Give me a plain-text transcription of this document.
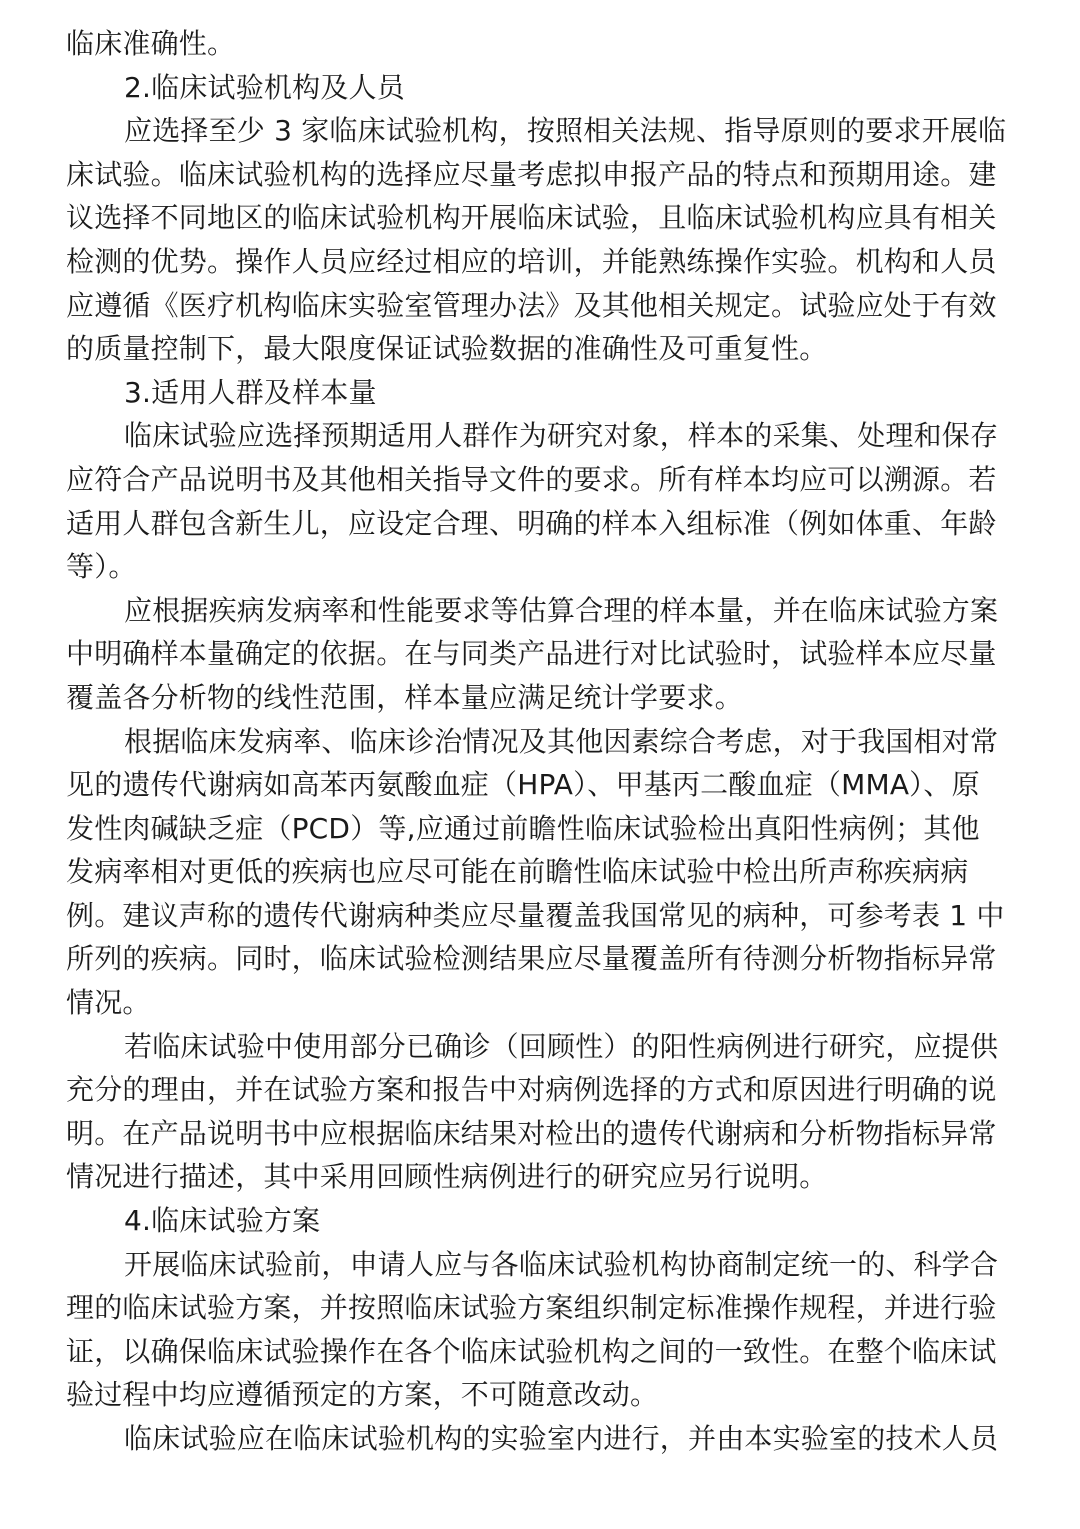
临床准确性。
2.临床试验机构及人员
应选择至少 3 家临床试验机构，按照相关法规、指导原则的要求开展临
床试验。临床试验机构的选择应尽量考虑拟申报产品的特点和预期用途。建
议选择不同地区的临床试验机构开展临床试验，且临床试验机构应具有相关
检测的优势。操作人员应经过相应的培训，并能熟练操作实验。机构和人员
应遵循《医疗机构临床实验室管理办法》及其他相关规定。试验应处于有效
的质量控制下，最大限度保证试验数据的准确性及可重复性。
3.适用人群及样本量
临床试验应选择预期适用人群作为研究对象，样本的采集、处理和保存
应符合产品说明书及其他相关指导文件的要求。所有样本均应可以溯源。若
适用人群包含新生儿，应设定合理、明确的样本入组标准（例如体重、年龄
等）。
应根据疾病发病率和性能要求等估算合理的样本量，并在临床试验方案
中明确样本量确定的依据。在与同类产品进行对比试验时，试验样本应尽量
覆盖各分析物的线性范围，样本量应满足统计学要求。
根据临床发病率、临床诊治情况及其他因素综合考虑，对于我国相对常
见的遗传代谢病如高苯丙氨酸血症（HPA）、甲基丙二酸血症（MMA）、原
发性肉碱缺乏症（PCD）等,应通过前瞻性临床试验检出真阳性病例；其他
发病率相对更低的疾病也应尽可能在前瞻性临床试验中检出所声称疾病病
例。建议声称的遗传代谢病种类应尽量覆盖我国常见的病种，可参考表 1 中
所列的疾病。同时，临床试验检测结果应尽量覆盖所有待测分析物指标异常
情况。
若临床试验中使用部分已确诊（回顾性）的阳性病例进行研究，应提供
充分的理由，并在试验方案和报告中对病例选择的方式和原因进行明确的说
明。在产品说明书中应根据临床结果对检出的遗传代谢病和分析物指标异常
情况进行描述，其中采用回顾性病例进行的研究应另行说明。
4.临床试验方案
开展临床试验前，申请人应与各临床试验机构协商制定统一的、科学合
理的临床试验方案，并按照临床试验方案组织制定标准操作规程，并进行验
证，以确保临床试验操作在各个临床试验机构之间的一致性。在整个临床试
验过程中均应遵循预定的方案，不可随意改动。
临床试验应在临床试验机构的实验室内进行，并由本实验室的技术人员
